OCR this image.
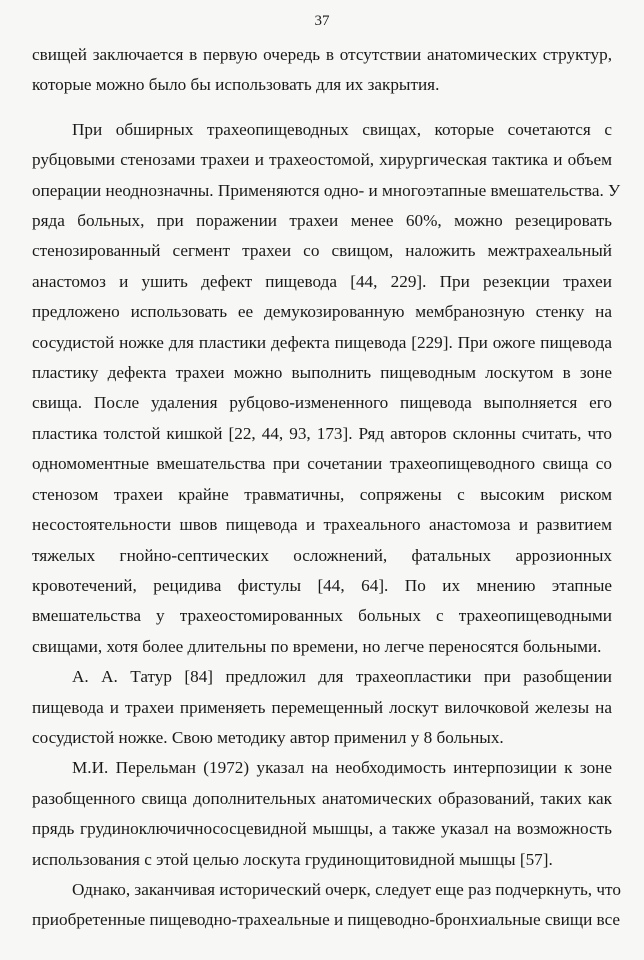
37

свищей заключается в первую очередь в отсутствии анатомических структур,
которые можно было бы использовать для их закрытия.

При обширных трахеопищеводных свищах, которые сочетаются с
рубцовыми стенозами трахеи и трахеостомой, хирургическая тактика и объем
операции неоднозначны. Применяются одно- и многоэтапные вмешательства. У
ряда больных, при поражении трахеи менее 60%, можно резецировать
стенозированный сегмент трахеи со свищом, наложить межтрахеальный
анастомоз и ушить дефект пищевода [44, 229]. При резекции трахеи
предложено использовать ее демукозированную мембранозную стенку на
сосудистой ножке для пластики дефекта пищевода [229]. При ожоге пищевода
пластику дефекта трахеи можно выполнить пищеводным лоскутом в зоне
свища. После удаления рубцово-измененного пищевода выполняется его
пластика толстой кишкой [22, 44, 93, 173]. Ряд авторов склонны считать, что
одномоментные вмешательства при сочетании трахеопищеводного свища со
стенозом трахеи крайне травматичны, сопряжены с высоким риском
несостоятельности швов пищевода и трахеального анастомоза и развитием
тяжелых гнойно-септических осложнений, фатальных аррозионных
кровотечений, рецидива фистулы [44, 64]. По их мнению этапные
вмешательства у трахеостомированных больных с трахеопищеводными
свищами, хотя более длительны по времени, но легче переносятся больными.

А. А. Татур [84] предложил для трахеопластики при разобщении
пищевода и трахеи применяеть перемещенный лоскут вилочковой железы на
сосудистой ножке. Свою методику автор применил у 8 больных.

М.И. Перельман (1972) указал на необходимость интерпозиции к зоне
разобщенного свища дополнительных анатомических образований, таких как
прядь грудиноключичнососцевидной мышцы, а также указал на возможность
использования с этой целью лоскута грудинощитовидной мышцы [57].

Однако, заканчивая исторический очерк, следует еще раз подчеркнуть, что
приобретенные пищеводно-трахеальные и пищеводно-бронхиальные свищи все
